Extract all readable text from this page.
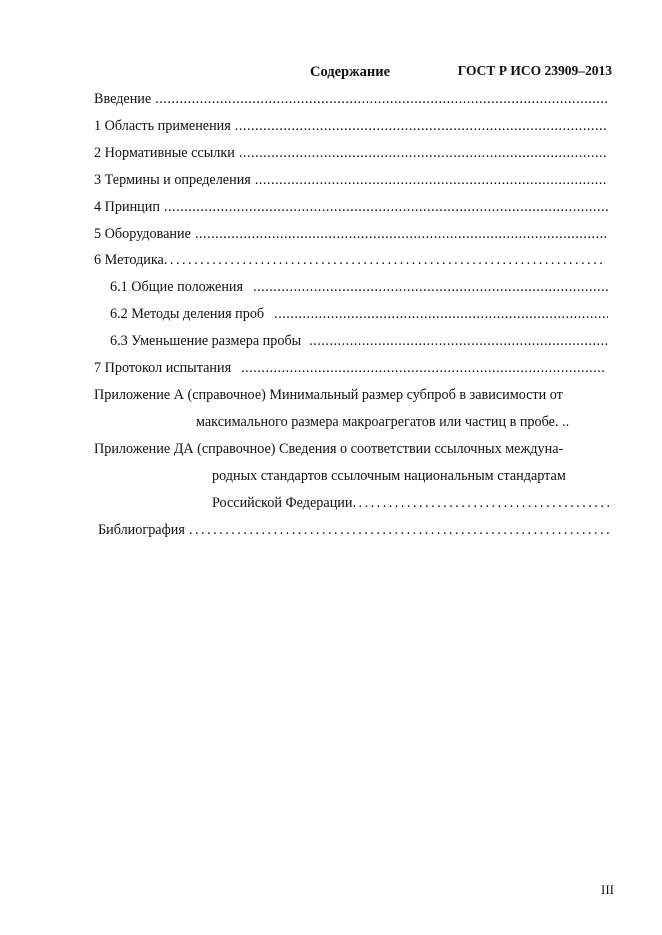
ГОСТ Р ИСО 23909–2013
Содержание
Введение
.....
1 Область применения
.....
2 Нормативные ссылки
.....
3 Термины и определения
.....
4 Принцип
.....
5 Оборудование
.....
6 Методика
.....
6.1 Общие положения
.....
6.2 Методы деления проб
.....
6.3 Уменьшение размера пробы
.....
7 Протокол испытания
.....
Приложение А (справочное) Минимальный размер субпроб в зависимости от
максимального размера макроагрегатов или частиц в пробе. ..
Приложение ДА (справочное) Сведения о соответствии ссылочных междуна-
родных стандартов ссылочным национальным стандартам
Российской Федерации
.....
Библиография
.....
III
